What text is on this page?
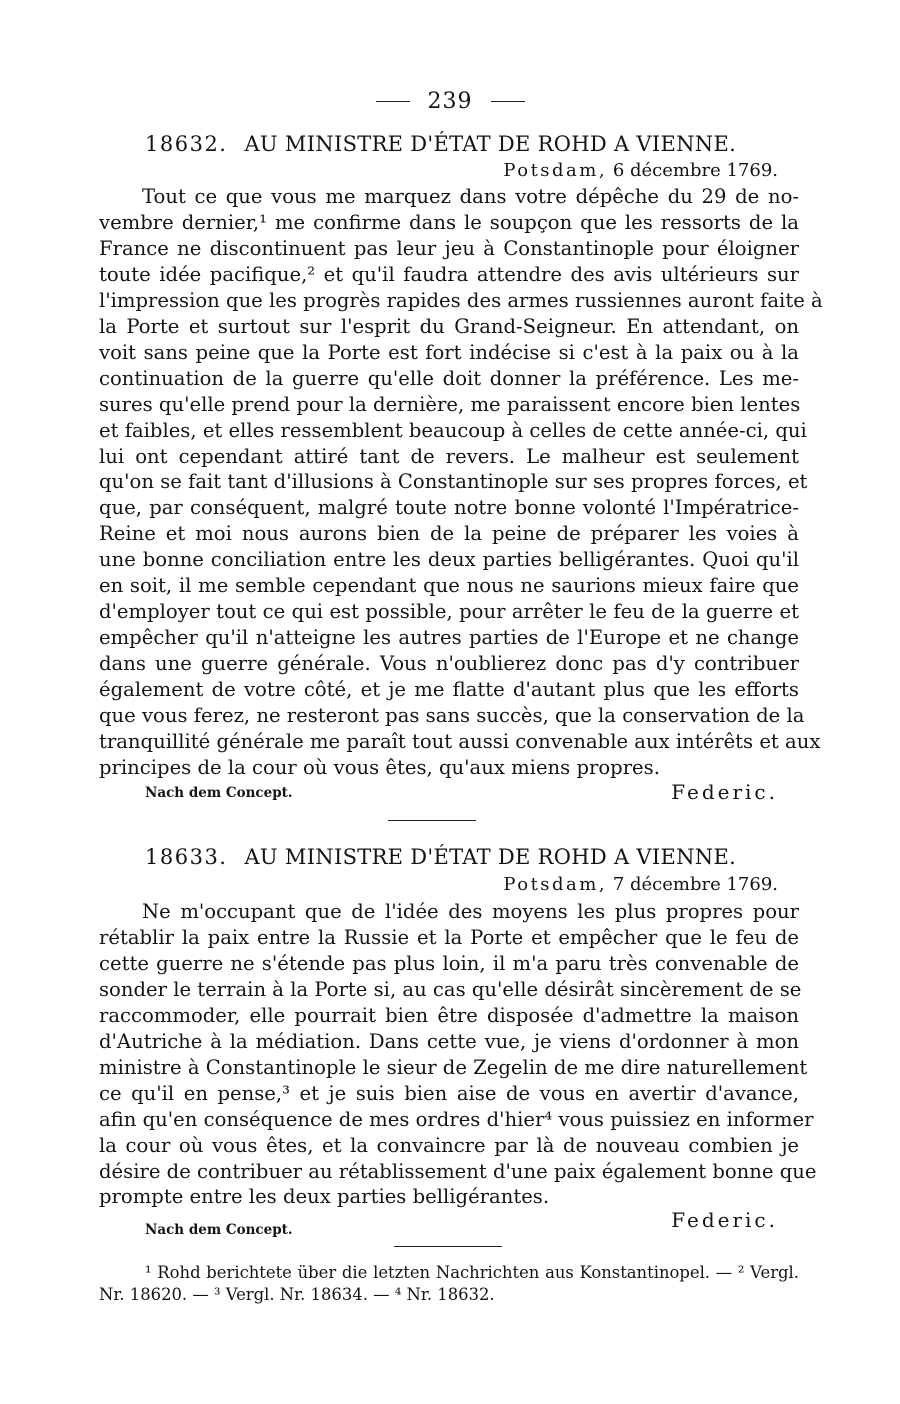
239
18632. AU MINISTRE D'ÉTAT DE ROHD A VIENNE.
Potsdam, 6 décembre 1769.
Tout ce que vous me marquez dans votre dépêche du 29 de no-
vembre dernier,¹ me confirme dans le soupçon que les ressorts de la
France ne discontinuent pas leur jeu à Constantinople pour éloigner
toute idée pacifique,² et qu'il faudra attendre des avis ultérieurs sur
l'impression que les progrès rapides des armes russiennes auront faite à
la Porte et surtout sur l'esprit du Grand-Seigneur. En attendant, on
voit sans peine que la Porte est fort indécise si c'est à la paix ou à la
continuation de la guerre qu'elle doit donner la préférence. Les me-
sures qu'elle prend pour la dernière, me paraissent encore bien lentes
et faibles, et elles ressemblent beaucoup à celles de cette année-ci, qui
lui ont cependant attiré tant de revers. Le malheur est seulement
qu'on se fait tant d'illusions à Constantinople sur ses propres forces, et
que, par conséquent, malgré toute notre bonne volonté l'Impératrice-
Reine et moi nous aurons bien de la peine de préparer les voies à
une bonne conciliation entre les deux parties belligérantes. Quoi qu'il
en soit, il me semble cependant que nous ne saurions mieux faire que
d'employer tout ce qui est possible, pour arrêter le feu de la guerre et
empêcher qu'il n'atteigne les autres parties de l'Europe et ne change
dans une guerre générale. Vous n'oublierez donc pas d'y contribuer
également de votre côté, et je me flatte d'autant plus que les efforts
que vous ferez, ne resteront pas sans succès, que la conservation de la
tranquillité générale me paraît tout aussi convenable aux intérêts et aux
principes de la cour où vous êtes, qu'aux miens propres.
Nach dem Concept.	Federic.
18633. AU MINISTRE D'ÉTAT DE ROHD A VIENNE.
Potsdam, 7 décembre 1769.
Ne m'occupant que de l'idée des moyens les plus propres pour
rétablir la paix entre la Russie et la Porte et empêcher que le feu de
cette guerre ne s'étende pas plus loin, il m'a paru très convenable de
sonder le terrain à la Porte si, au cas qu'elle désirât sincèrement de se
raccommoder, elle pourrait bien être disposée d'admettre la maison
d'Autriche à la médiation. Dans cette vue, je viens d'ordonner à mon
ministre à Constantinople le sieur de Zegelin de me dire naturellement
ce qu'il en pense,³ et je suis bien aise de vous en avertir d'avance,
afin qu'en conséquence de mes ordres d'hier⁴ vous puissiez en informer
la cour où vous êtes, et la convaincre par là de nouveau combien je
désire de contribuer au rétablissement d'une paix également bonne que
prompte entre les deux parties belligérantes.
Nach dem Concept.	Federic.
¹ Rohd berichtete über die letzten Nachrichten aus Konstantinopel. — ² Vergl.
Nr. 18620. — ³ Vergl. Nr. 18634. — ⁴ Nr. 18632.
